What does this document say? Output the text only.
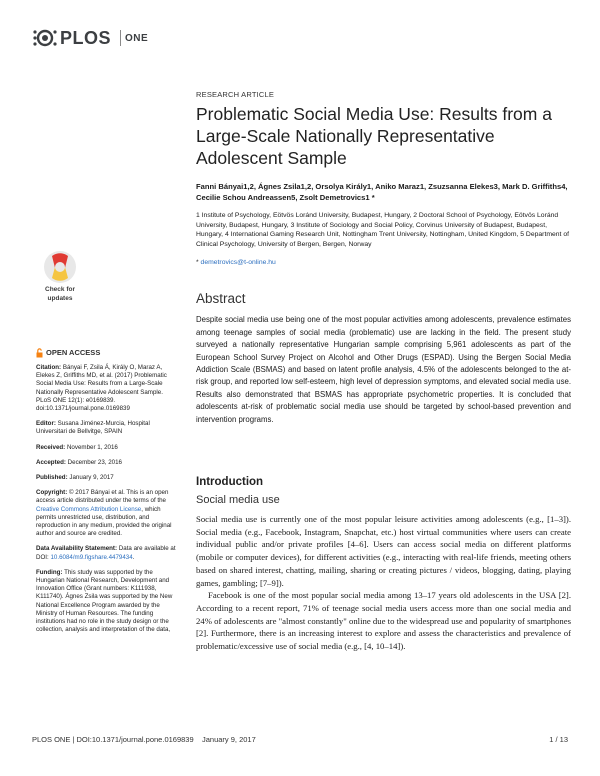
PLOS ONE
Check for
updates
OPEN ACCESS

Citation: Bányai F, Zsila Á, Király O, Maraz A, Elekes Z, Griffiths MD, et al. (2017) Problematic Social Media Use: Results from a Large-Scale Nationally Representative Adolescent Sample. PLoS ONE 12(1): e0169839. doi:10.1371/journal.pone.0169839

Editor: Susana Jiménez-Murcia, Hospital Universitari de Bellvitge, SPAIN

Received: November 1, 2016

Accepted: December 23, 2016

Published: January 9, 2017

Copyright: © 2017 Bányai et al. This is an open access article distributed under the terms of the Creative Commons Attribution License, which permits unrestricted use, distribution, and reproduction in any medium, provided the original author and source are credited.

Data Availability Statement: Data are available at DOI: 10.6084/m9.figshare.4479434.

Funding: This study was supported by the Hungarian National Research, Development and Innovation Office (Grant numbers: K111938, K111740). Ágnes Zsila was supported by the New National Excellence Program awarded by the Ministry of Human Resources. The funding institutions had no role in the study design or the collection, analysis and interpretation of the data,

RESEARCH ARTICLE
Problematic Social Media Use: Results from a
Large-Scale Nationally Representative
Adolescent Sample
Fanni Bányai1,2, Ágnes Zsila1,2, Orsolya Király1, Aniko Maraz1, Zsuzsanna Elekes3, Mark D. Griffiths4, Cecilie Schou Andreassen5, Zsolt Demetrovics1 *
1 Institute of Psychology, Eötvös Loránd University, Budapest, Hungary, 2 Doctoral School of Psychology, Eötvös Loránd University, Budapest, Hungary, 3 Institute of Sociology and Social Policy, Corvinus University of Budapest, Budapest, Hungary, 4 International Gaming Research Unit, Nottingham Trent University, Nottingham, United Kingdom, 5 Department of Clinical Psychology, University of Bergen, Bergen, Norway
* demetrovics@t-online.hu
Abstract
Despite social media use being one of the most popular activities among adolescents, prevalence estimates among teenage samples of social media (problematic) use are lacking in the field. The present study surveyed a nationally representative Hungarian sample comprising 5,961 adolescents as part of the European School Survey Project on Alcohol and Other Drugs (ESPAD). Using the Bergen Social Media Addiction Scale (BSMAS) and based on latent profile analysis, 4.5% of the adolescents belonged to the at-risk group, and reported low self-esteem, high level of depression symptoms, and elevated social media use. Results also demonstrated that BSMAS has appropriate psychometric properties. It is concluded that adolescents at-risk of problematic social media use should be targeted by school-based prevention and intervention programs.
Introduction
Social media use

Social media use is currently one of the most popular leisure activities among adolescents (e.g., [1–3]). Social media (e.g., Facebook, Instagram, Snapchat, etc.) host virtual communities where users can create individual public and/or private profiles [4–6]. Users can access social media on different platforms (mobile or computer devices), for different activities (e.g., interacting with real-life friends, meeting others based on shared interest, chatting, mailing, sharing or creating pictures / videos, blogging, dating, playing games, gambling; [7–9]).

Facebook is one of the most popular social media among 13–17 years old adolescents in the USA [2]. According to a recent report, 71% of teenage social media users access more than one social media and 24% of adolescents are "almost constantly" online due to the widespread use and popularity of smartphones [2]. Furthermore, there is an increasing interest to explore and assess the characteristics and prevalence of problematic/excessive use of social media (e.g., [4, 10–14]).

PLOS ONE | DOI:10.1371/journal.pone.0169839    January 9, 2017	1 / 13
